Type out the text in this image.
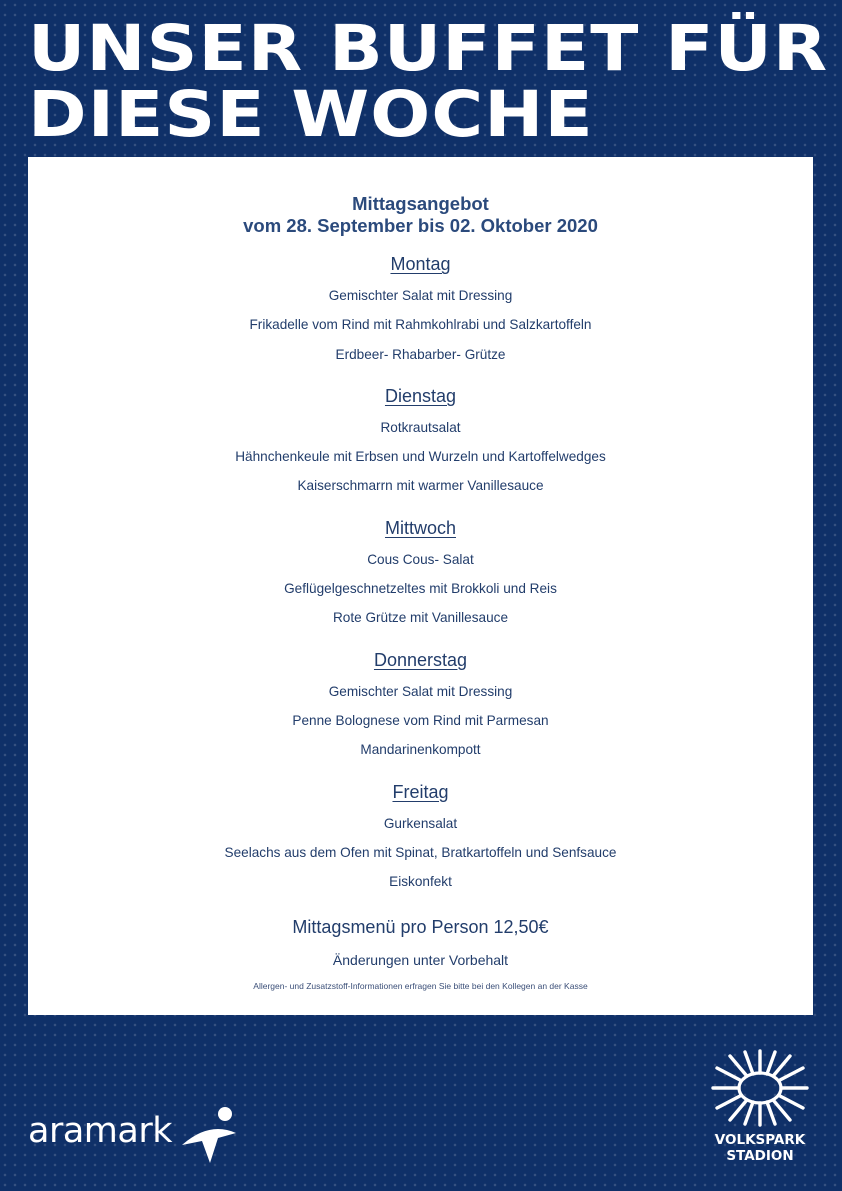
UNSER BUFFET FÜR
DIESE WOCHE
Mittagsangebot
vom 28. September bis 02. Oktober 2020
Montag
Gemischter Salat mit Dressing
Frikadelle vom Rind mit Rahmkohlrabi und Salzkartoffeln
Erdbeer- Rhabarber- Grütze
Dienstag
Rotkrautsalat
Hähnchenkeule mit Erbsen und Wurzeln und Kartoffelwedges
Kaiserschmarrn mit warmer Vanillesauce
Mittwoch
Cous Cous- Salat
Geflügelgeschnetzeltes mit Brokkoli und Reis
Rote Grütze mit Vanillesauce
Donnerstag
Gemischter Salat mit Dressing
Penne Bolognese vom Rind mit Parmesan
Mandarinenkompott
Freitag
Gurkensalat
Seelachs aus dem Ofen mit Spinat, Bratkartoffeln und Senfsauce
Eiskonfekt
Mittagsmenü pro Person 12,50€
Änderungen unter Vorbehalt
Allergen- und Zusatzstoff-Informationen erfragen Sie bitte bei den Kollegen an der Kasse
aramark	VOLKSPARK
STADION
